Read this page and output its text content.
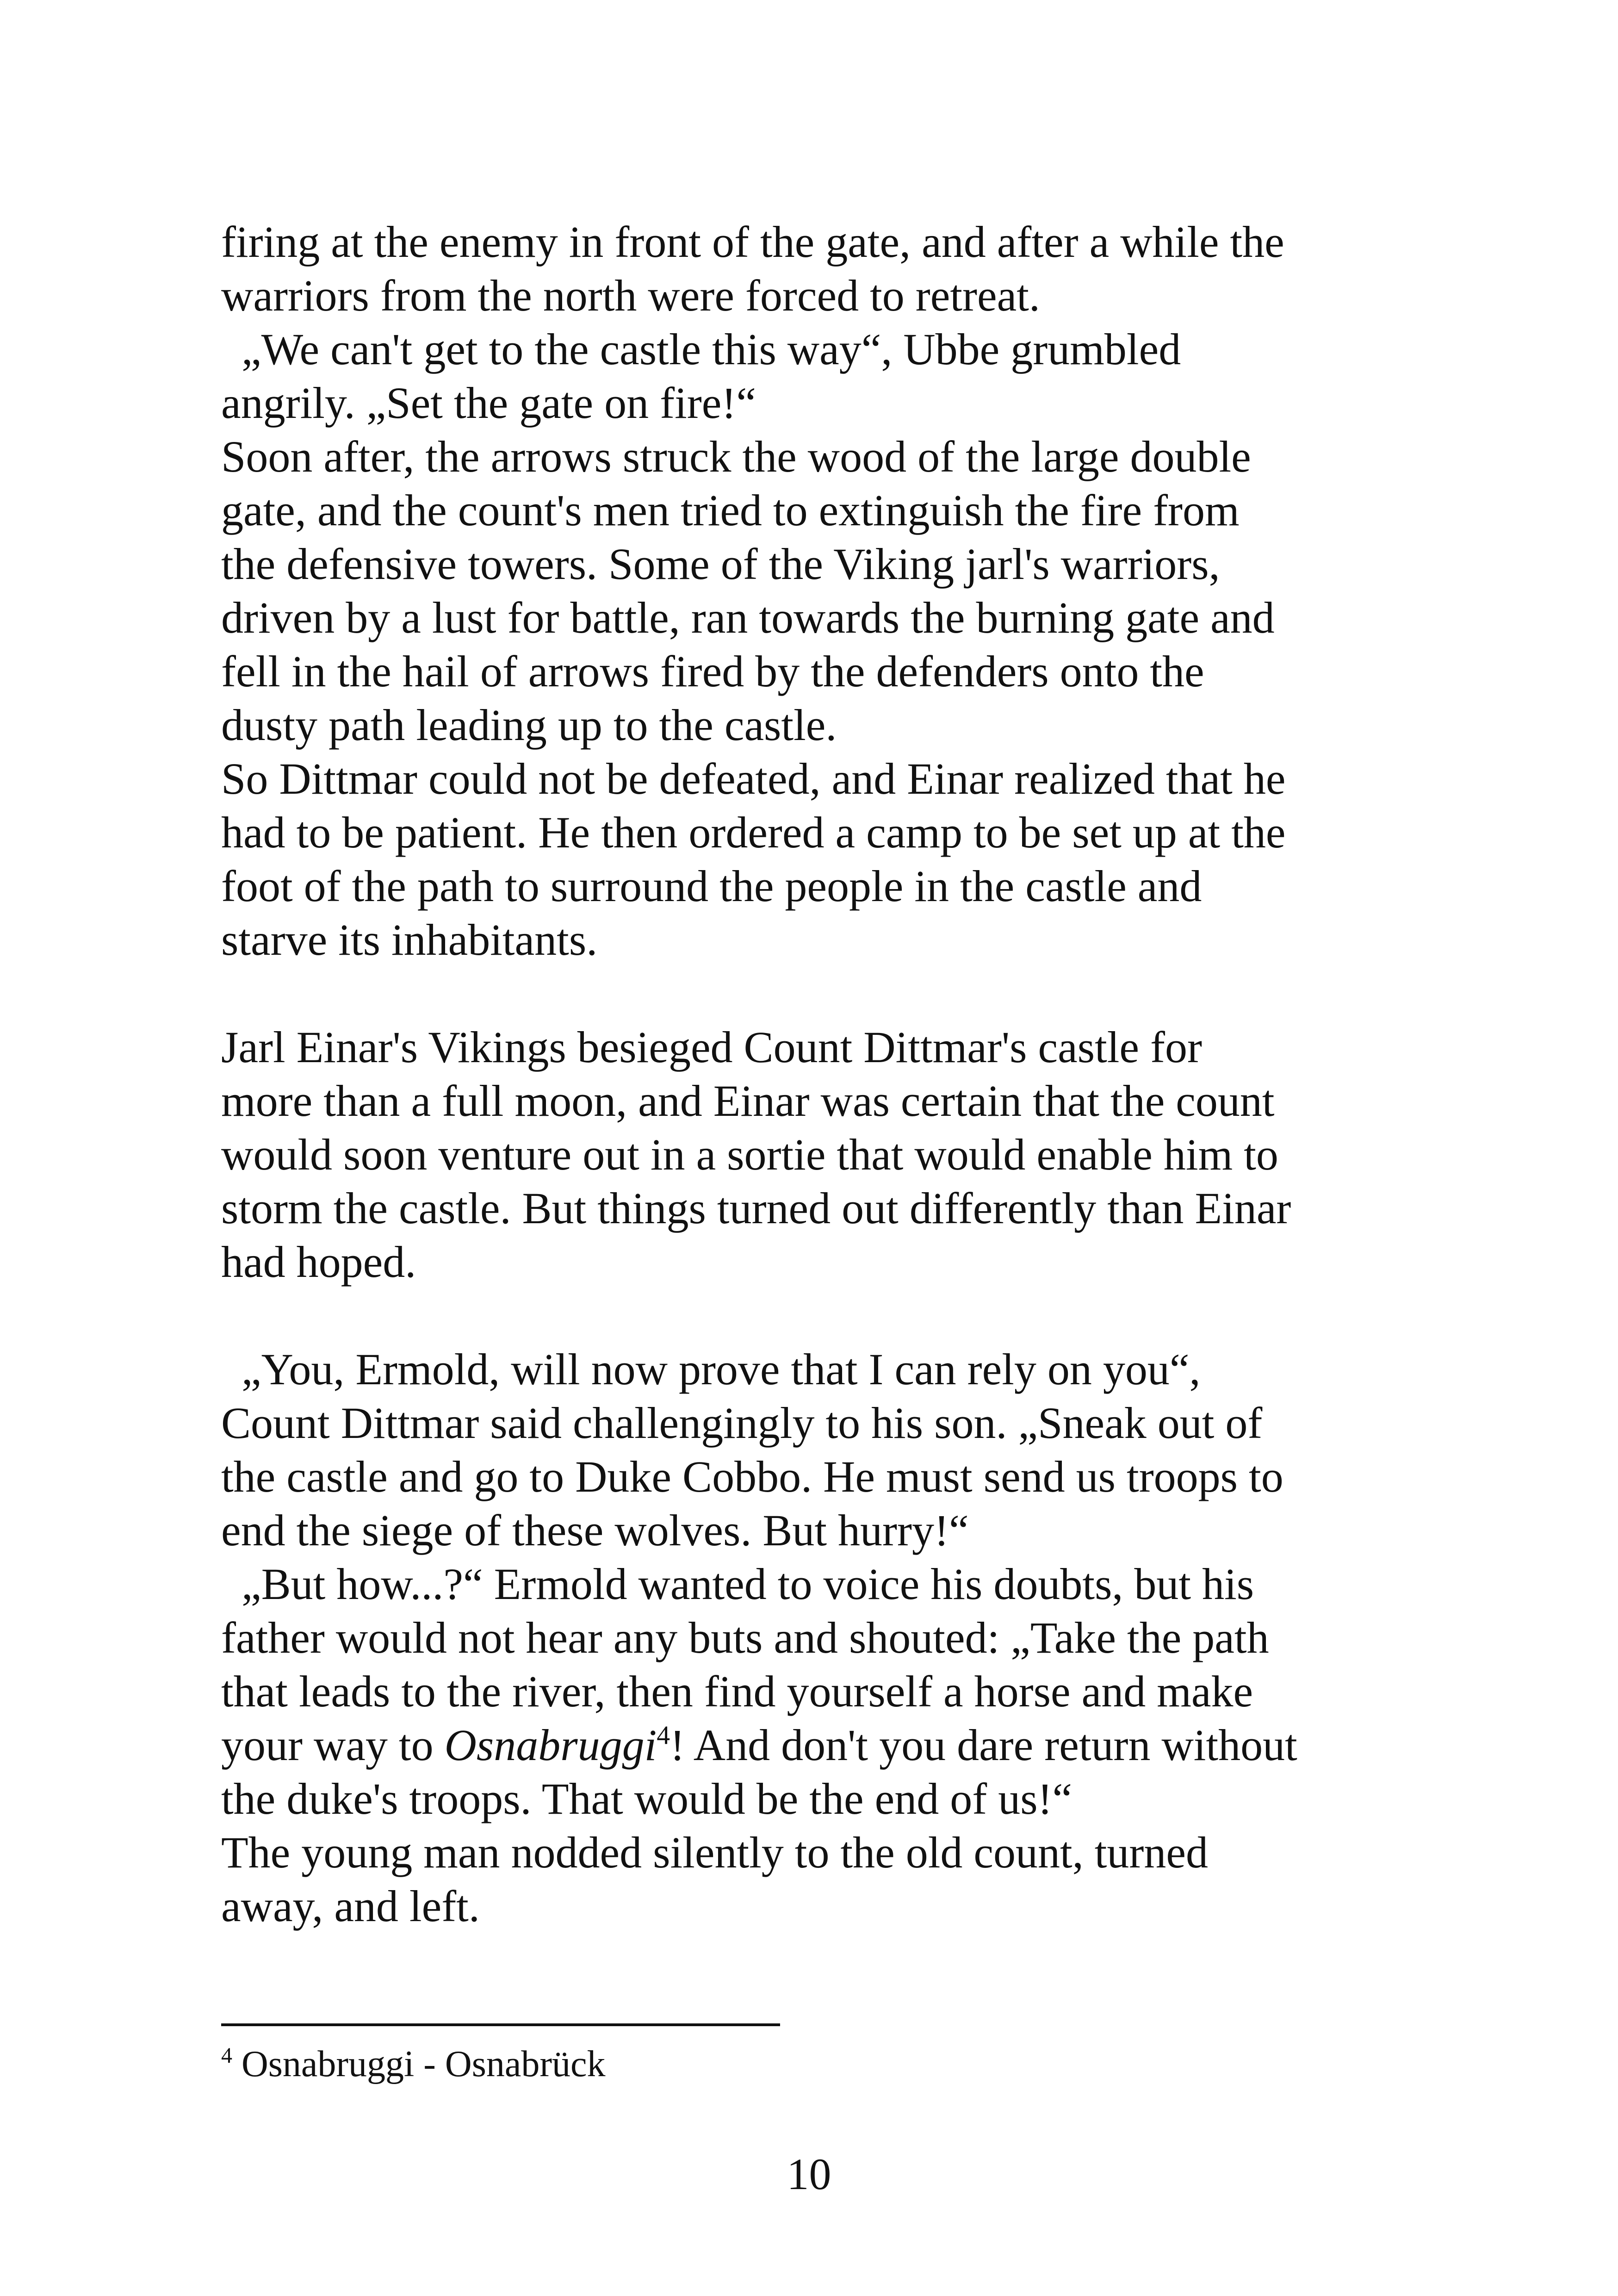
firing at the enemy in front of the gate, and after a while the
warriors from the north were forced to retreat.
„We can't get to the castle this way“, Ubbe grumbled
angrily. „Set the gate on fire!“
Soon after, the arrows struck the wood of the large double
gate, and the count's men tried to extinguish the fire from
the defensive towers. Some of the Viking jarl's warriors,
driven by a lust for battle, ran towards the burning gate and
fell in the hail of arrows fired by the defenders onto the
dusty path leading up to the castle.
So Dittmar could not be defeated, and Einar realized that he
had to be patient. He then ordered a camp to be set up at the
foot of the path to surround the people in the castle and
starve its inhabitants.
Jarl Einar's Vikings besieged Count Dittmar's castle for
more than a full moon, and Einar was certain that the count
would soon venture out in a sortie that would enable him to
storm the castle. But things turned out differently than Einar
had hoped.
„You, Ermold, will now prove that I can rely on you“,
Count Dittmar said challengingly to his son. „Sneak out of
the castle and go to Duke Cobbo. He must send us troops to
end the siege of these wolves. But hurry!“
„But how...?“ Ermold wanted to voice his doubts, but his
father would not hear any buts and shouted: „Take the path
that leads to the river, then find yourself a horse and make
your way to Osnabruggi$^4$! And don't you dare return without
the duke's troops. That would be the end of us!“
The young man nodded silently to the old count, turned
away, and left.
$^4$ Osnabruggi - Osnabrück
10
